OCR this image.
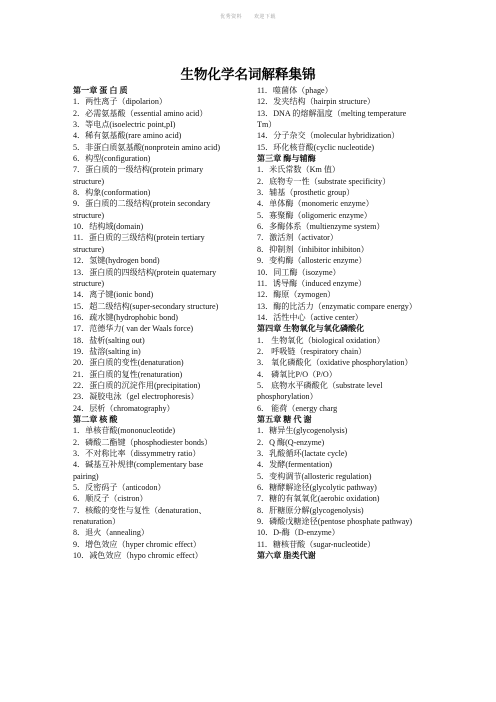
优秀资料 欢迎下载
生物化学名词解释集锦
第一章 蛋 白 质
1．两性离子（dipolarion）
2．必需氨基酸（essential amino acid）
3．等电点(isoelectric point,pI)
4．稀有氨基酸(rare amino acid)
5．非蛋白质氨基酸(nonprotein amino acid)
6．构型(configuration)
7．蛋白质的一级结构(protein primary
structure)
8．构象(conformation)
9．蛋白质的二级结构(protein secondary
structure)
10．结构域(domain)
11．蛋白质的三级结构(protein tertiary
structure)
12．氢键(hydrogen bond)
13．蛋白质的四级结构(protein quaternary
structure)
14．离子键(ionic bond)
15．超二级结构(super-secondary structure)
16．疏水键(hydrophobic bond)
17．范德华力( van der Waals force)
18．盐析(salting out)
19．盐溶(salting in)
20．蛋白质的变性(denaturation)
21．蛋白质的复性(renaturation)
22．蛋白质的沉淀作用(precipitation)
23．凝胶电泳（gel electrophoresis）
24．层析（chromatography）
第二章 核 酸
1．单核苷酸(mononucleotide)
2．磷酸二酯键（phosphodiester bonds）
3．不对称比率（dissymmetry ratio）
4．碱基互补规律(complementary base
pairing)
5．反密码子（anticodon）
6．顺反子（cistron）
7．核酸的变性与复性（denaturation、
renaturation）
8．退火（annealing）
9．增色效应（hyper chromic effect）
10．减色效应（hypo chromic effect）
11．噬菌体（phage）
12．发夹结构（hairpin structure）
13．DNA 的熔解温度（melting temperature
Tm）
14．分子杂交（molecular hybridization）
15．环化核苷酸(cyclic nucleotide)
第三章 酶与辅酶
1．米氏常数（Km 值）
2．底物专一性（substrate specificity）
3．辅基（prosthetic group）
4．单体酶（monomeric enzyme）
5．寡聚酶（oligomeric enzyme）
6．多酶体系（multienzyme system）
7．激活剂（activator）
8．抑制剂（inhibitor inhibiton）
9．变构酶（allosteric enzyme）
10．同工酶（isozyme）
11．诱导酶（induced enzyme）
12．酶原（zymogen）
13．酶的比活力（enzymatic compare energy）
14．活性中心（active center）
第四章 生物氧化与氧化磷酸化
1． 生物氧化（biological oxidation）
2． 呼吸链（respiratory chain）
3． 氧化磷酸化（oxidative phosphorylation）
4． 磷氧比P/O（P/O）
5． 底物水平磷酸化（substrate level
phosphorylation）
6． 能荷（energy charg
第五章 糖 代 谢
1．糖异生(glycogenolysis)
2．Q 酶(Q-enzyme)
3．乳酸循环(lactate cycle)
4．发酵(fermentation)
5．变构调节(allosteric regulation)
6．糖酵解途径(glycolytic pathway)
7．糖的有氧氧化(aerobic oxidation)
8．肝糖原分解(glycogenolysis)
9．磷酸戊糖途径(pentose phosphate pathway)
10．D-酶（D-enzyme）
11．糖核苷酸（sugar-nucleotide）
第六章 脂类代谢
